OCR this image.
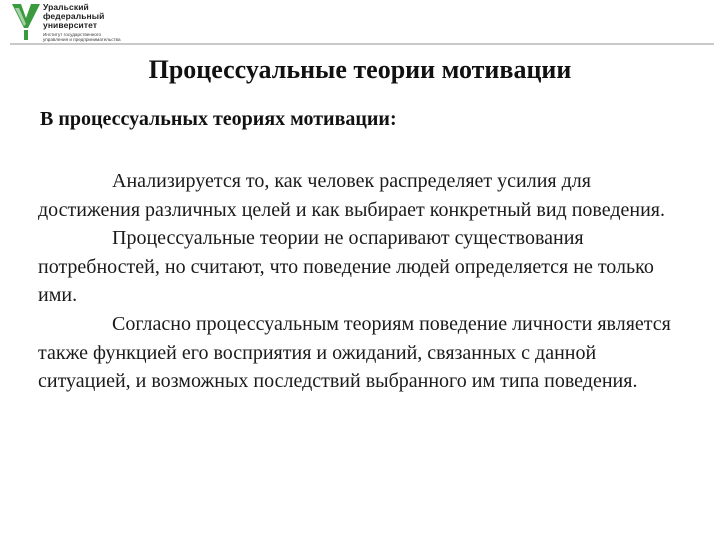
Уральский
федеральный
университет
Институт государственного
управления и предпринимательства
Процессуальные теории мотивации
В процессуальных теориях мотивации:

Анализируется то, как человек распределяет усилия для достижения различных целей и как выбирает конкретный вид поведения.

Процессуальные теории не оспаривают существования потребностей, но считают, что поведение людей определяется не только ими.

Согласно процессуальным теориям поведение личности является также функцией его восприятия и ожиданий, связанных с данной ситуацией, и возможных последствий выбранного им типа поведения.
